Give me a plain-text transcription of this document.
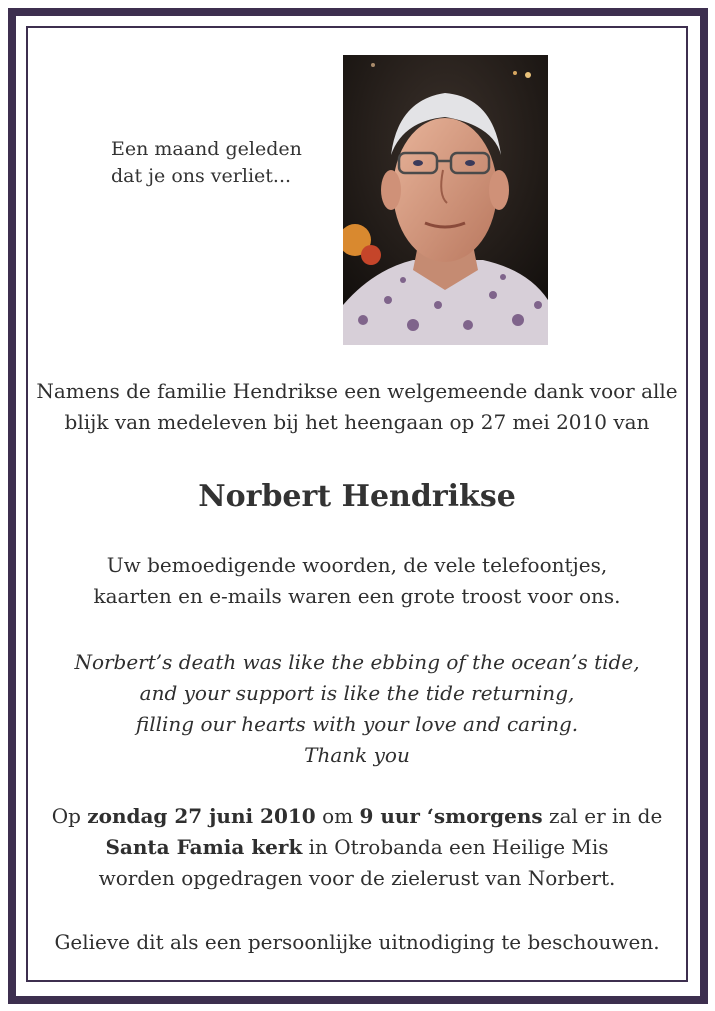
Een maand geleden
dat je ons verliet...
Namens de familie Hendrikse een welgemeende dank voor alle
blijk van medeleven bij het heengaan op 27 mei 2010 van
Norbert Hendrikse
Uw bemoedigende woorden, de vele telefoontjes,
kaarten en e-mails waren een grote troost voor ons.
Norbert’s death was like the ebbing of the ocean’s tide,
and your support is like the tide returning,
filling our hearts with your love and caring.
Thank you
Op zondag 27 juni 2010 om 9 uur ‘smorgens zal er in de
Santa Famia kerk in Otrobanda een Heilige Mis
worden opgedragen voor de zielerust van Norbert.
Gelieve dit als een persoonlijke uitnodiging te beschouwen.
